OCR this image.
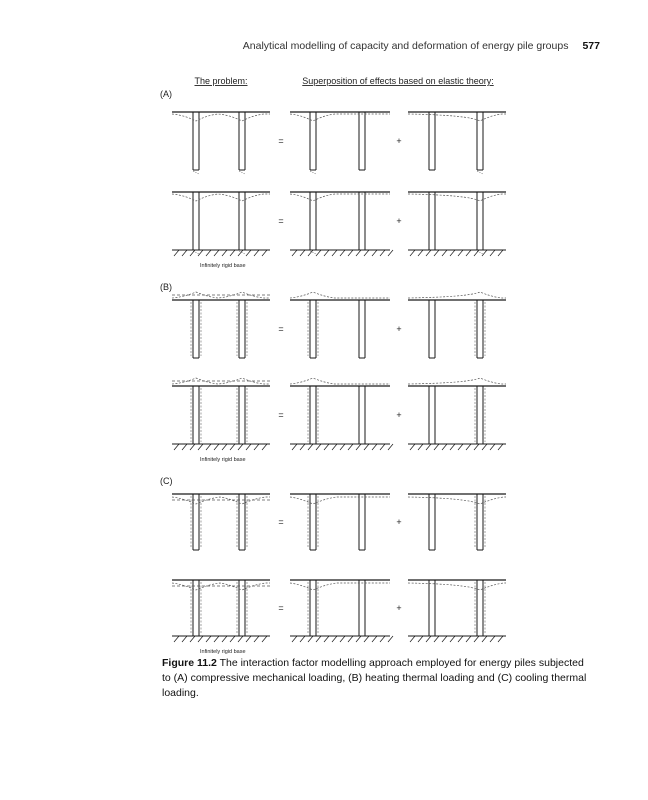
Analytical modelling of capacity and deformation of energy pile groups 577
The problem:	Superposition of effects based on elastic theory:
(A)
(B)
(C)
=	+
=	+
Infinitely rigid base
=	+
=	+
Infinitely rigid base
=	+
=	+
Infinitely rigid base
Figure 11.2 The interaction factor modelling approach employed for energy piles subjected to (A) compressive mechanical loading, (B) heating thermal loading and (C) cooling thermal loading.
